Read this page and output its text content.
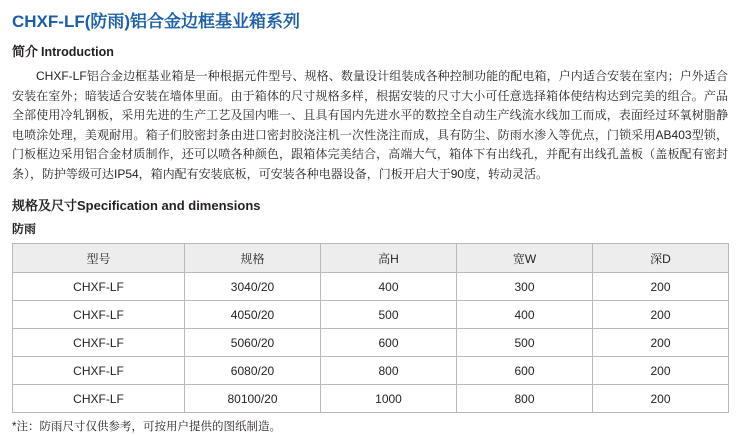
CHXF-LF(防雨)铝合金边框基业箱系列
简介 Introduction
CHXF-LF铝合金边框基业箱是一种根据元件型号、规格、数量设计组装成各种控制功能的配电箱，户内适合安装在室内；户外适合安装在室外；暗装适合安装在墙体里面。由于箱体的尺寸规格多样，根据安装的尺寸大小可任意选择箱体使结构达到完美的组合。产品全部使用冷轧钢板，采用先进的生产工艺及国内唯一、且具有国内先进水平的数控全自动生产线流水线加工而成，表面经过环氧树脂静电喷涂处理，美观耐用。箱子们胶密封条由进口密封胶浇注机一次性浇注而成，具有防尘、防雨水渗入等优点，门锁采用AB403型锁，门板框边采用铝合金材质制作，还可以喷各种颜色，跟箱体完美结合，高端大气，箱体下有出线孔，并配有出线孔盖板（盖板配有密封条），防护等级可达IP54，箱内配有安装底板，可安装各种电器设备，门板开启大于90度，转动灵活。
规格及尺寸Specification and dimensions
防雨
型号	规格	高H	宽W	深D
CHXF-LF	3040/20	400	300	200
CHXF-LF	4050/20	500	400	200
CHXF-LF	5060/20	600	500	200
CHXF-LF	6080/20	800	600	200
CHXF-LF	80100/20	1000	800	200
*注：防雨尺寸仅供参考，可按用户提供的图纸制造。
